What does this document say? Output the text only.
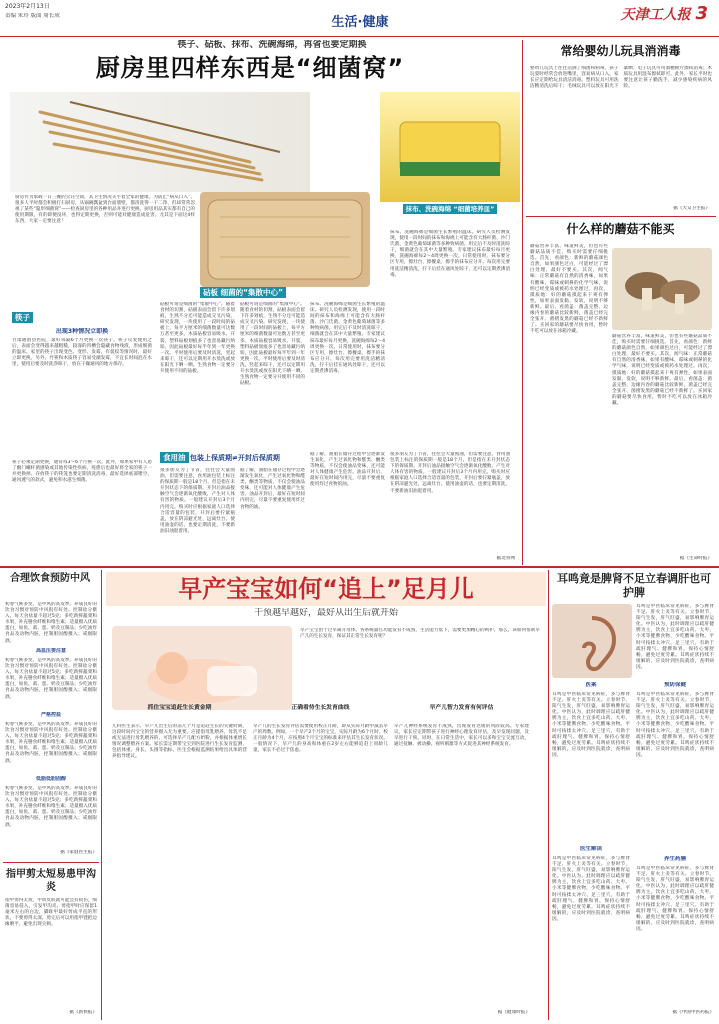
2023年2月13日
责编 朱玲 版面 周长成	生活·健康	天津工人报 3
筷子、砧板、抹布、洗碗海绵，再省也要定期换
厨房里四样东西是“细菌窝”
厨房作为承载一日三餐的烹饪空间，其卫生情况关乎着全家的健康。为防止“病从口入”，很多人平时都会积极打扫厨房，从锅碗瓢盆到台面墙壁，都清洗得一干二净，但却常常忽视了某些“隐形细菌窝”——检查厨房里的各种用品并进行更换。厨房用品其实都有自己的使用期限，有的即便没坏，也得定期更换，否则可能对健康造成危害。尤其是下面这4样东西，大家一定要注意！
砧板 细菌的“集散中心”
抹布、洗碗海绵 “细菌培养皿”
筷子
出现3种情况立即换
甘肃通渭县医院，最好每隔6个月更换一次筷子。筷子反复使用之后，表面会变得越来越粗糙，较深的凹槽会隐藏食物残渣，形成细菌的温床。家里的筷子出现变色、变形、发霉、有裂纹等情况时，最好立即更换。另外，竹筷和木质筷子容易受潮发霉，不宜长时间泡在水里，使用后要及时洗净晾干，放在干燥通风的地方保存。
筷子必须定期更换，通常每3～6个月换一次。此外，如果家中有人患了幽门螺杆菌感染或其他传染性疾病，痊愈后也最好将全家的筷子一并更换掉。存放筷子的筷笼也要定期清洗消毒，最好选择底部镂空、通风透气的款式，避免积水滋生细菌。
砧板可谓是细菌的“集散中心”。随着食材的切割，砧板表面会留下许多划痕，生熟不分还可能造成交叉污染。研究发现，一块使用了一段时间的砧板上，每平方厘米的细菌数量可达数万甚至更多。木质砧板容易吸水、开裂，塑料砧板划痕多了也容易藏污纳垢，因此砧板最好每半年到一年更换一次。平时使用后要及时清洗，竖起来晾干，还可以定期用开水烫洗或放在阳光下晒一晒。生熟食物一定要分开使用不同的砧板。
砧板可谓是细菌的“集散中心”。随着食材的切割，砧板表面会留下许多划痕，生熟不分还可能造成交叉污染。研究发现，一块使用了一段时间的砧板上，每平方厘米的细菌数量可达数万甚至更多。木质砧板容易吸水、开裂，塑料砧板划痕多了也容易藏污纳垢，因此砧板最好每半年到一年更换一次。平时使用后要及时清洗，竖起来晾干，还可以定期用开水烫洗或放在阳光下晒一晒。生熟食物一定要分开使用不同的砧板。
抹布、洗碗海绵是细菌生长繁殖的温床。研究人员检测发现，使用一段时间的抹布和海绵上可能含有大肠杆菌、沙门氏菌、金黄色葡萄球菌等多种致病菌。用完后不及时清洗晾干，细菌就会在其中大量繁殖。专家建议抹布最好每月更换，洗碗海绵每2～4周更换一次。日常使用时，抹布要分区专用，擦灶台、擦餐桌、擦手的抹布应分开。每次用完要用洗洁精清洗，拧干后挂在通风处晾干，还可以定期煮沸消毒。
抹布、洗碗海绵是细菌生长繁殖的温床。研究人员检测发现，使用一段时间的抹布和海绵上可能含有大肠杆菌、沙门氏菌、金黄色葡萄球菌等多种致病菌。用完后不及时清洗晾干，细菌就会在其中大量繁殖。专家建议抹布最好每月更换，洗碗海绵每2～4周更换一次。日常使用时，抹布要分区专用，擦灶台、擦餐桌、擦手的抹布应分开。每次用完要用洗洁精清洗，拧干后挂在通风处晾干，还可以定期煮沸消毒。
食用油 包装上保质期≠开封后保质期
很多朋友为了节省，往往会大量囤油，但需要注意，食用油包装上标注的保质期一般是18个月，但是指在未开封状态下的保质期。开封后油品接触空气会逐渐氧化酸败，产生对人体有害的物质。一般建议开封后3个月内用完。购买时应根据家庭人口选择合适容量的包装，开封后要拧紧瓶盖，放在阴凉避光处，远离灶台。使用油壶的话，也要定期清洗，不要新油旧油混着用。
据了解，油脂在储存过程中会逐渐发生氧化，产生过氧化物和醛类、酮类等物质，不仅会使油品变味，还可能对人体健康产生危害。油品开封后，最好在短时间内用完，尽量不要重复使用炸过食物的油。
据了解，油脂在储存过程中会逐渐发生氧化，产生过氧化物和醛类、酮类等物质，不仅会使油品变味，还可能对人体健康产生危害。油品开封后，最好在短时间内用完，尽量不要重复使用炸过食物的油。
很多朋友为了节省，往往会大量囤油，但需要注意，食用油包装上标注的保质期一般是18个月，但是指在未开封状态下的保质期。开封后油品接触空气会逐渐氧化酸败，产生对人体有害的物质。一般建议开封后3个月内用完。购买时应根据家庭人口选择合适容量的包装，开封后要拧紧瓶盖，放在阴凉避光处，远离灶台。使用油壶的话，也要定期清洗，不要新油旧油混着用。
据北青网
常给婴幼儿玩具消消毒
婴幼儿玩具上往往沾满了细菌和病毒，孩子玩耍时经常会放进嘴里，容易病从口入。家长应定期给玩具清洁消毒。塑料玩具可用洗洁精清洗后晾干；毛绒玩具可以放在阳光下暴晒；电子玩具可用酒精棉片擦拭消毒；木质玩具用湿布擦拭即可。此外，家长平时也要注意让孩子勤洗手，减少感染疾病的风险。
据《大众卫生报》
什么样的蘑菇不能买
蘑菇营养丰富、味道鲜美，但也有些蘑菇品质不佳，购买时需要仔细挑选。首先，看颜色：新鲜的蘑菇颜色自然，如果颜色过白，可能经过了漂白处理，最好不要买。其次，闻气味：正常蘑菇有自然的清香味，如果有酸味、霉味或刺鼻的化学气味，说明已经变质或被药水处理过。再次，摸质地：好的蘑菇摸起来干爽有弹性，如果表面发黏、发软，说明不够新鲜。最后，看菌盖：菌盖完整、边缘内卷的蘑菇比较新鲜，菌盖已经完全张开、菌褶发黑的蘑菇已经不新鲜了。买回家的蘑菇要尽快食用，暂时不吃可以放在冰箱冷藏。
蘑菇营养丰富、味道鲜美，但也有些蘑菇品质不佳，购买时需要仔细挑选。首先，看颜色：新鲜的蘑菇颜色自然，如果颜色过白，可能经过了漂白处理，最好不要买。其次，闻气味：正常蘑菇有自然的清香味，如果有酸味、霉味或刺鼻的化学气味，说明已经变质或被药水处理过。再次，摸质地：好的蘑菇摸起来干爽有弹性，如果表面发黏、发软，说明不够新鲜。最后，看菌盖：菌盖完整、边缘内卷的蘑菇比较新鲜，菌盖已经完全张开、菌褶发黑的蘑菇已经不新鲜了。买回家的蘑菇要尽快食用，暂时不吃可以放在冰箱冷藏。
据《生命时报》
合理饮食预防中风
初春气候多变，是中风的高发季。养成良好的饮食习惯对预防中风很有好处。控制盐分摄入，每天食盐量不超过5克；多吃新鲜蔬菜和水果，补充膳食纤维和维生素；适量摄入优质蛋白，如鱼、禽、蛋、奶及豆制品；少吃油炸食品及动物内脏，控制胆固醇摄入；戒烟限酒。
高血压要注意
初春气候多变，是中风的高发季。养成良好的饮食习惯对预防中风很有好处。控制盐分摄入，每天食盐量不超过5克；多吃新鲜蔬菜和水果，补充膳食纤维和维生素；适量摄入优质蛋白，如鱼、禽、蛋、奶及豆制品；少吃油炸食品及动物内脏，控制胆固醇摄入；戒烟限酒。
严格控盐
初春气候多变，是中风的高发季。养成良好的饮食习惯对预防中风很有好处。控制盐分摄入，每天食盐量不超过5克；多吃新鲜蔬菜和水果，补充膳食纤维和维生素；适量摄入优质蛋白，如鱼、禽、蛋、奶及豆制品；少吃油炸食品及动物内脏，控制胆固醇摄入；戒烟限酒。
低脂低胆固醇
初春气候多变，是中风的高发季。养成良好的饮食习惯对预防中风很有好处。控制盐分摄入，每天食盐量不超过5克；多吃新鲜蔬菜和水果，补充膳食纤维和维生素；适量摄入优质蛋白，如鱼、禽、蛋、奶及豆制品；少吃油炸食品及动物内脏，控制胆固醇摄入；戒烟限酒。
据《家庭医生报》
指甲剪太短易患甲沟炎
指甲剪得太短，甲周皮肤就可能会有损伤，细菌容易侵入，引发甲沟炎。剪指甲时应保留1毫米左右的白边，脚趾甲最好剪成平直的形状，不要剪得太深。剪完后可以用指甲锉把边缘磨平，避免出现尖刺。
据《新快报》
早产宝宝如何“追上”足月儿
干预越早越好，最好从出生后就开始
早产宝宝由于过早离开母体，各系统器官功能发育不成熟，生活能力低下，需要更加精心的呵护。那么，该如何帮助早产儿的生长发育，保证其正常生长发育呢？
抓住宝宝追赶生长黄金期
儿科医生表示，早产儿出生后的前几个月是追赶生长的关键时期，这段时间内宝宝的营养摄入尤为重要。应提倡母乳喂养，母乳不足或无法进行母乳喂养的，可选择早产儿配方奶粉，并根据体重增长情况调整喂养方案。家长需定期带宝宝到医院进行生长发育监测，包括体重、身长、头围等指标，医生会根据监测结果给出具体的营养指导建议。
正确看待生长发育曲线
早产儿的生长发育评估需要使用校正月龄，即从实际月龄中减去早产的周数。例如，一个早产2个月的宝宝，实际月龄为6个月时，校正月龄为4个月，应按照4个月宝宝的标准来评估其生长发育状况。一般情况下，早产儿的身高和体重在2岁左右能够追赶上同龄儿童，家长不必过于焦虑。
早产儿智力发育有何评估
早产儿神经系统发育不成熟，出现发育迟缓的风险较高。专家建议，家长应定期带孩子进行神经心理发育评估，及早发现问题，及早进行干预。同时，在日常生活中，家长可以多和宝宝交流互动，通过抚触、被动操、视听刺激等方式促进其神经系统发育。
据《健康时报》
耳鸣竟是脾肾不足立春调肝也可护脾
耳鸣是中医临床常见病症，多与脾肾不足、肝火上炎等有关。立春时节，阳气生发，肝气旺盛，易影响脾胃运化。中医认为，此时调理应以疏肝健脾为主，饮食上宜多吃山药、大枣、小米等健脾食物，少吃酸味食物。平时可按揉太冲穴、足三里穴，有助于疏肝理气、健脾和胃。保持心情舒畅，避免过度劳累。耳鸣症状持续不缓解的，应及时到医院就诊，查明病因。
医案
耳鸣是中医临床常见病症，多与脾肾不足、肝火上炎等有关。立春时节，阳气生发，肝气旺盛，易影响脾胃运化。中医认为，此时调理应以疏肝健脾为主，饮食上宜多吃山药、大枣、小米等健脾食物，少吃酸味食物。平时可按揉太冲穴、足三里穴，有助于疏肝理气、健脾和胃。保持心情舒畅，避免过度劳累。耳鸣症状持续不缓解的，应及时到医院就诊，查明病因。
医生解读
耳鸣是中医临床常见病症，多与脾肾不足、肝火上炎等有关。立春时节，阳气生发，肝气旺盛，易影响脾胃运化。中医认为，此时调理应以疏肝健脾为主，饮食上宜多吃山药、大枣、小米等健脾食物，少吃酸味食物。平时可按揉太冲穴、足三里穴，有助于疏肝理气、健脾和胃。保持心情舒畅，避免过度劳累。耳鸣症状持续不缓解的，应及时到医院就诊，查明病因。
预防保健
耳鸣是中医临床常见病症，多与脾肾不足、肝火上炎等有关。立春时节，阳气生发，肝气旺盛，易影响脾胃运化。中医认为，此时调理应以疏肝健脾为主，饮食上宜多吃山药、大枣、小米等健脾食物，少吃酸味食物。平时可按揉太冲穴、足三里穴，有助于疏肝理气、健脾和胃。保持心情舒畅，避免过度劳累。耳鸣症状持续不缓解的，应及时到医院就诊，查明病因。
养生药膳
耳鸣是中医临床常见病症，多与脾肾不足、肝火上炎等有关。立春时节，阳气生发，肝气旺盛，易影响脾胃运化。中医认为，此时调理应以疏肝健脾为主，饮食上宜多吃山药、大枣、小米等健脾食物，少吃酸味食物。平时可按揉太冲穴、足三里穴，有助于疏肝理气、健脾和胃。保持心情舒畅，避免过度劳累。耳鸣症状持续不缓解的，应及时到医院就诊，查明病因。
据《中国中医药报》
